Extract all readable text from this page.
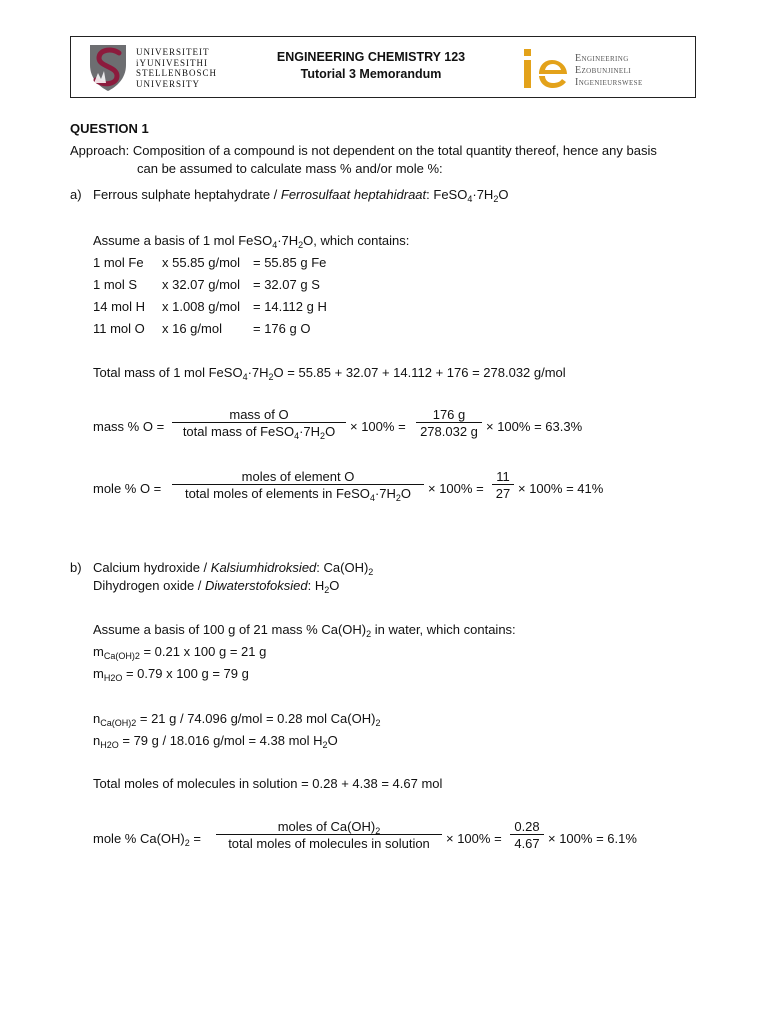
UNIVERSITEIT
iYUNIVESITHI
STELLENBOSCH
UNIVERSITY
ENGINEERING CHEMISTRY 123
Tutorial 3 Memorandum
Engineering
Ezobunjineli
Ingenieurswese
QUESTION 1
Approach: Composition of a compound is not dependent on the total quantity thereof, hence any basis
can be assumed to calculate mass % and/or mole %:
a) Ferrous sulphate heptahydrate / Ferrosulfaat heptahidraat: $FeSO_4\cdot 7H_2O$
Assume a basis of 1 mol $FeSO_4\cdot 7H_2O$, which contains:
1 mol Fe x 55.85 g/mol = 55.85 g Fe
1 mol S x 32.07 g/mol = 32.07 g S
14 mol H x 1.008 g/mol = 14.112 g H
11 mol O x 16 g/mol = 176 g O
Total mass of 1 mol $FeSO_4\cdot 7H_2O = 55.85 + 32.07 + 14.112 + 176 = 278.032$ g/mol
mass % O =
mass of O
total mass of $FeSO_4\cdot 7H_2O$	× $100\% = \frac{176 g}{278.032 g} \times 100\% = 63.3\%$
mole % O =
moles of element O
total moles of elements in $FeSO_4\cdot 7H_2O$	× $100\% = \frac{11}{27} \times 100\% = 41\%$
b) Calcium hydroxide / Kalsiumhidroksied: $Ca(OH)_2$
Dihydrogen oxide / Diwaterstofoksied: $H_2O$
Assume a basis of 100 g of 21 mass % $Ca(OH)_2$ in water, which contains:
$m_{Ca(OH)2} = 0.21$ x 100 g = 21 g
$m_{H2O} = 0.79$ x 100 g = 79 g
$n_{Ca(OH)2} = 21$ g / 74.096 g/mol = 0.28 mol $Ca(OH)_2$
$n_{H2O} = 79$ g / 18.016 g/mol = 4.38 mol $H_2O$
Total moles of molecules in solution = 0.28 + 4.38 = 4.67 mol
mole % $Ca(OH)_2$ =
moles of $Ca(OH)_2$
total moles of molecules in solution	× $100\% = \frac{0.28}{4.67} \times 100\% = 6.1\%$
